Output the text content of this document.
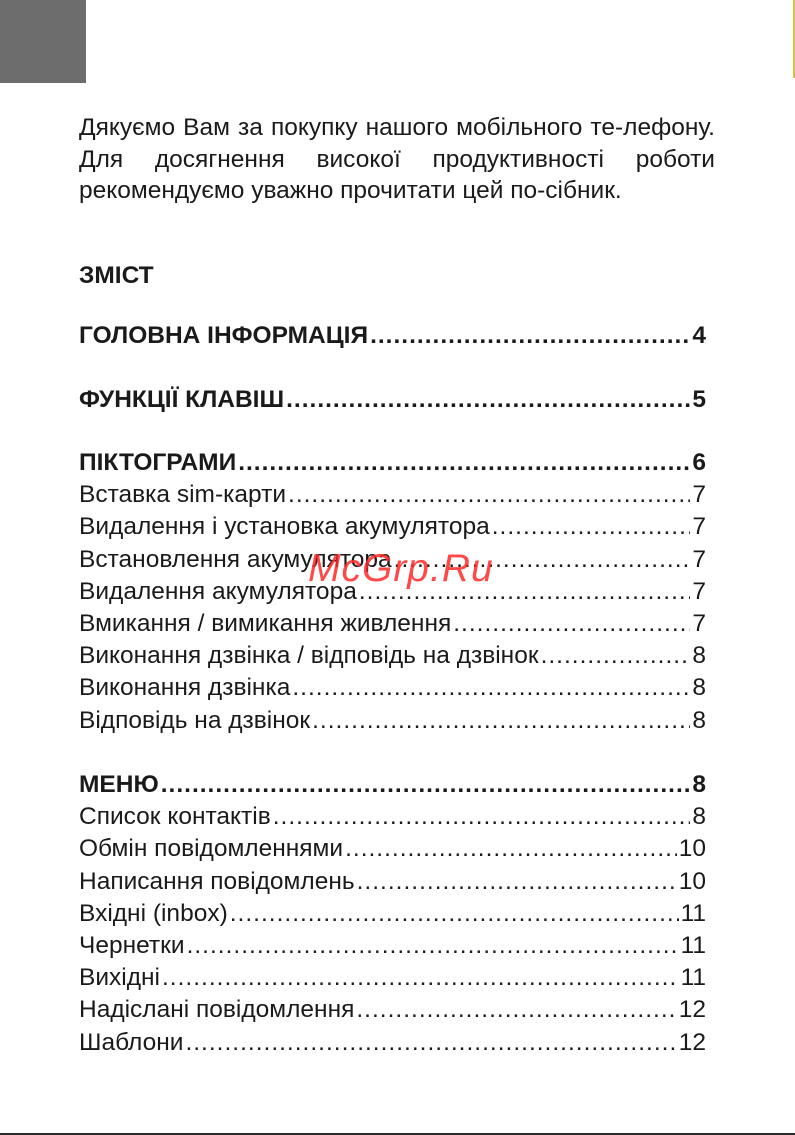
Дякуємо Вам за покупку нашого мобільного те-лефону. Для досягнення високої продуктивності роботи рекомендуємо уважно прочитати цей по-сібник.

ЗМІСТ
ГОЛОВНА ІНФОРМАЦІЯ .....	4
ФУНКЦІЇ КЛАВІШ .....	5
ПІКТОГРАМИ .....	6
Вставка sim-карти .....	7
Видалення і установка акумулятора .....	7
Встановлення акумулятора .....	7
Видалення акумулятора .....	7
Вмикання / вимикання живлення .....	7
Виконання дзвінка / відповідь на дзвінок .....	8
Виконання дзвінка .....	8
Відповідь на дзвінок .....	8
МЕНЮ .....	8
Список контактів .....	8
Обмін повідомленнями .....	10
Написання повідомлень .....	10
Вхідні (inbox) .....	11
Чернетки .....	11
Вихідні .....	11
Надіслані повідомлення .....	12
Шаблони .....	12
McGrp.Ru
